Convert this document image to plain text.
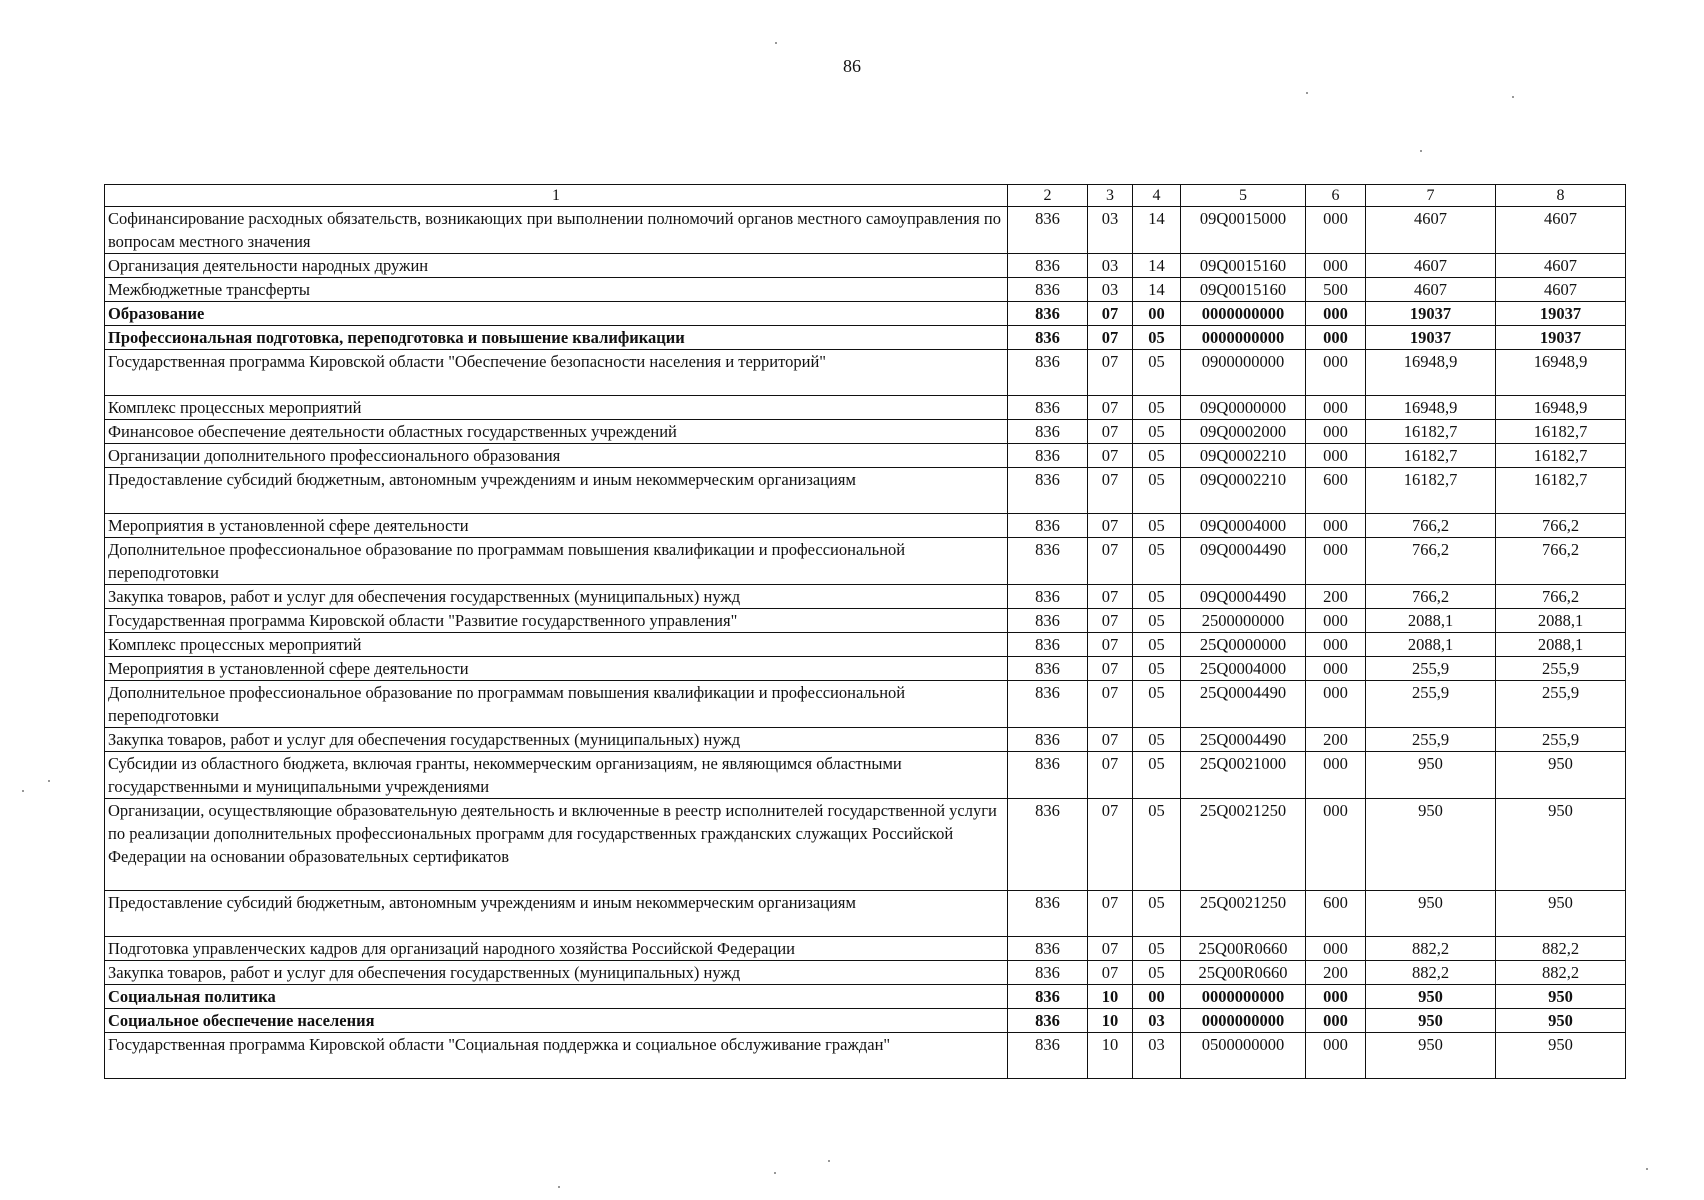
86
1	2	3	4	5	6	7	8
Софинансирование расходных обязательств, возникающих при выполнении полномочий органов местного самоуправления по вопросам местного значения	836	03	14	09Q0015000	000	4607	4607
Организация деятельности народных дружин	836	03	14	09Q0015160	000	4607	4607
Межбюджетные трансферты	836	03	14	09Q0015160	500	4607	4607
Образование	836	07	00	0000000000	000	19037	19037
Профессиональная подготовка, переподготовка и повышение квалификации	836	07	05	0000000000	000	19037	19037
Государственная программа Кировской области "Обеспечение безопасности населения и территорий"	836	07	05	0900000000	000	16948,9	16948,9
Комплекс процессных мероприятий	836	07	05	09Q0000000	000	16948,9	16948,9
Финансовое обеспечение деятельности областных государственных учреждений	836	07	05	09Q0002000	000	16182,7	16182,7
Организации дополнительного профессионального образования	836	07	05	09Q0002210	000	16182,7	16182,7
Предоставление субсидий бюджетным, автономным учреждениям и иным некоммерческим организациям	836	07	05	09Q0002210	600	16182,7	16182,7
Мероприятия в установленной сфере деятельности	836	07	05	09Q0004000	000	766,2	766,2
Дополнительное профессиональное образование по программам повышения квалификации и профессиональной переподготовки	836	07	05	09Q0004490	000	766,2	766,2
Закупка товаров, работ и услуг для обеспечения государственных (муниципальных) нужд	836	07	05	09Q0004490	200	766,2	766,2
Государственная программа Кировской области "Развитие государственного управления"	836	07	05	2500000000	000	2088,1	2088,1
Комплекс процессных мероприятий	836	07	05	25Q0000000	000	2088,1	2088,1
Мероприятия в установленной сфере деятельности	836	07	05	25Q0004000	000	255,9	255,9
Дополнительное профессиональное образование по программам повышения квалификации и профессиональной переподготовки	836	07	05	25Q0004490	000	255,9	255,9
Закупка товаров, работ и услуг для обеспечения государственных (муниципальных) нужд	836	07	05	25Q0004490	200	255,9	255,9
Субсидии из областного бюджета, включая гранты, некоммерческим организациям, не являющимся областными государственными и муниципальными учреждениями	836	07	05	25Q0021000	000	950	950
Организации, осуществляющие образовательную деятельность и включенные в реестр исполнителей государственной услуги по реализации дополнительных профессиональных программ для государственных гражданских служащих Российской Федерации на основании образовательных сертификатов	836	07	05	25Q0021250	000	950	950
Предоставление субсидий бюджетным, автономным учреждениям и иным некоммерческим организациям	836	07	05	25Q0021250	600	950	950
Подготовка управленческих кадров для организаций народного хозяйства Российской Федерации	836	07	05	25Q00R0660	000	882,2	882,2
Закупка товаров, работ и услуг для обеспечения государственных (муниципальных) нужд	836	07	05	25Q00R0660	200	882,2	882,2
Социальная политика	836	10	00	0000000000	000	950	950
Социальное обеспечение населения	836	10	03	0000000000	000	950	950
Государственная программа Кировской области "Социальная поддержка и социальное обслуживание граждан"	836	10	03	0500000000	000	950	950
